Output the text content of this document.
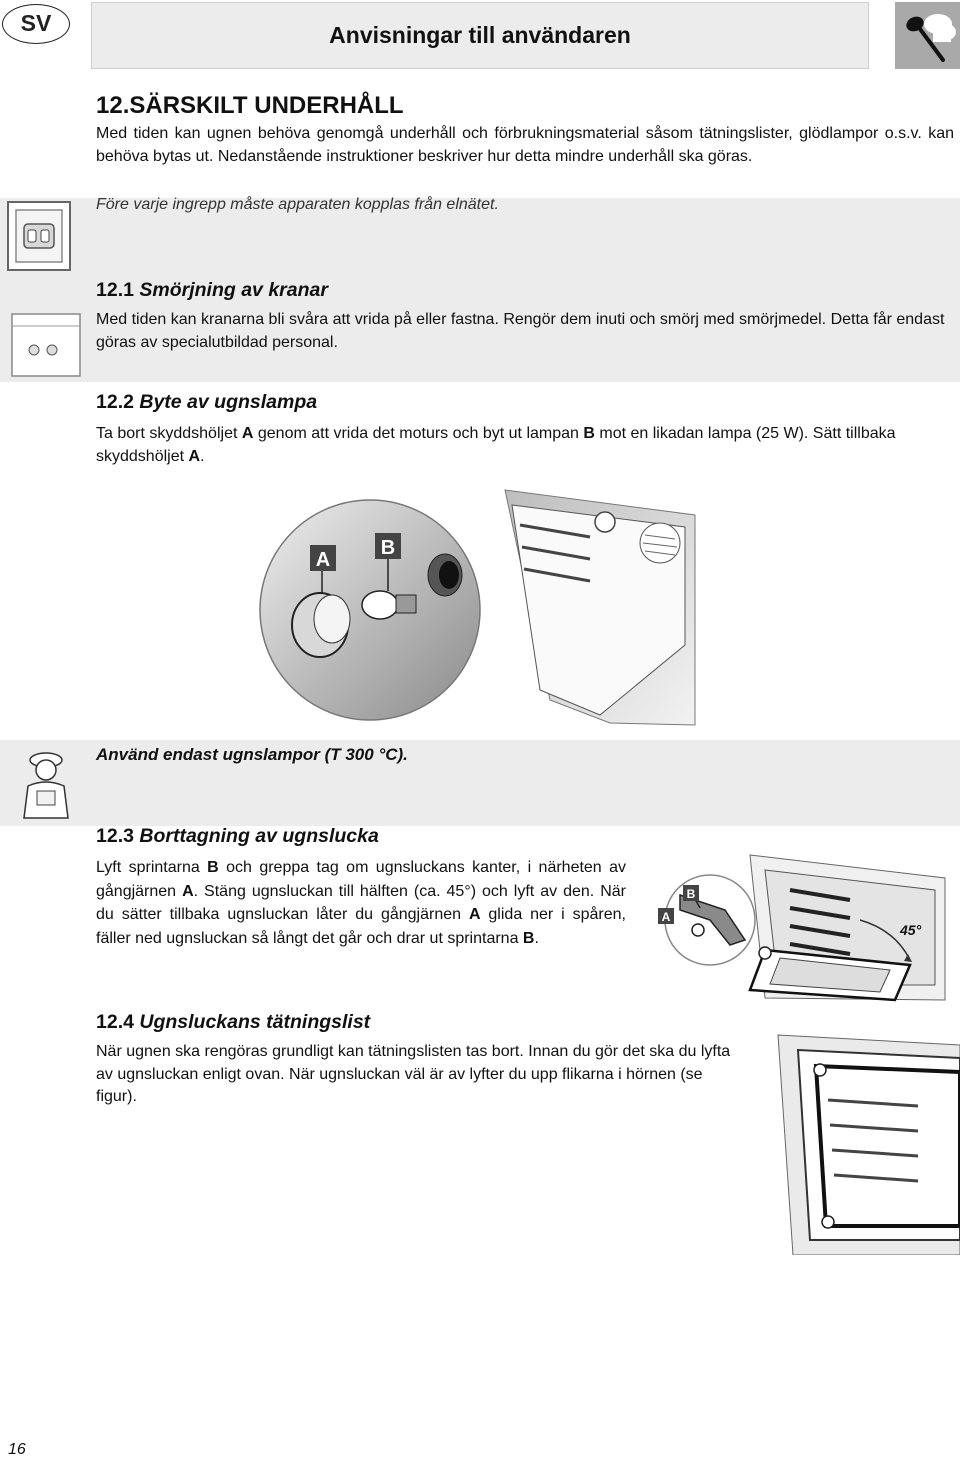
SV	Anvisningar till användaren
12.SÄRSKILT UNDERHÅLL

Med tiden kan ugnen behöva genomgå underhåll och förbrukningsmaterial såsom tätningslister, glödlampor o.s.v. kan behöva bytas ut. Nedanstående instruktioner beskriver hur detta mindre underhåll ska göras.

Före varje ingrepp måste apparaten kopplas från elnätet.

12.1 Smörjning av kranar

Med tiden kan kranarna bli svåra att vrida på eller fastna. Rengör dem inuti och smörj med smörjmedel. Detta får endast göras av specialutbildad personal.

12.2 Byte av ugnslampa

Ta bort skyddshöljet A genom att vrida det moturs och byt ut lampan B mot en likadan lampa (25 W). Sätt tillbaka skyddshöljet A.

A
B

Använd endast ugnslampor (T 300 °C).

12.3 Borttagning av ugnslucka

Lyft sprintarna B och greppa tag om ugnsluckans kanter, i närheten av gångjärnen A. Stäng ugnsluckan till hälften (ca. 45°) och lyft av den. När du sätter tillbaka ugnsluckan låter du gångjärnen A glida ner i spåren, fäller ned ugnsluckan så långt det går och drar ut sprintarna B.	45°
A
B
12.4 Ugnsluckans tätningslist

När ugnen ska rengöras grundligt kan tätningslisten tas bort. Innan du gör det ska du lyfta av ugnsluckan enligt ovan. När ugnsluckan väl är av lyfter du upp flikarna i hörnen (se figur).

16
